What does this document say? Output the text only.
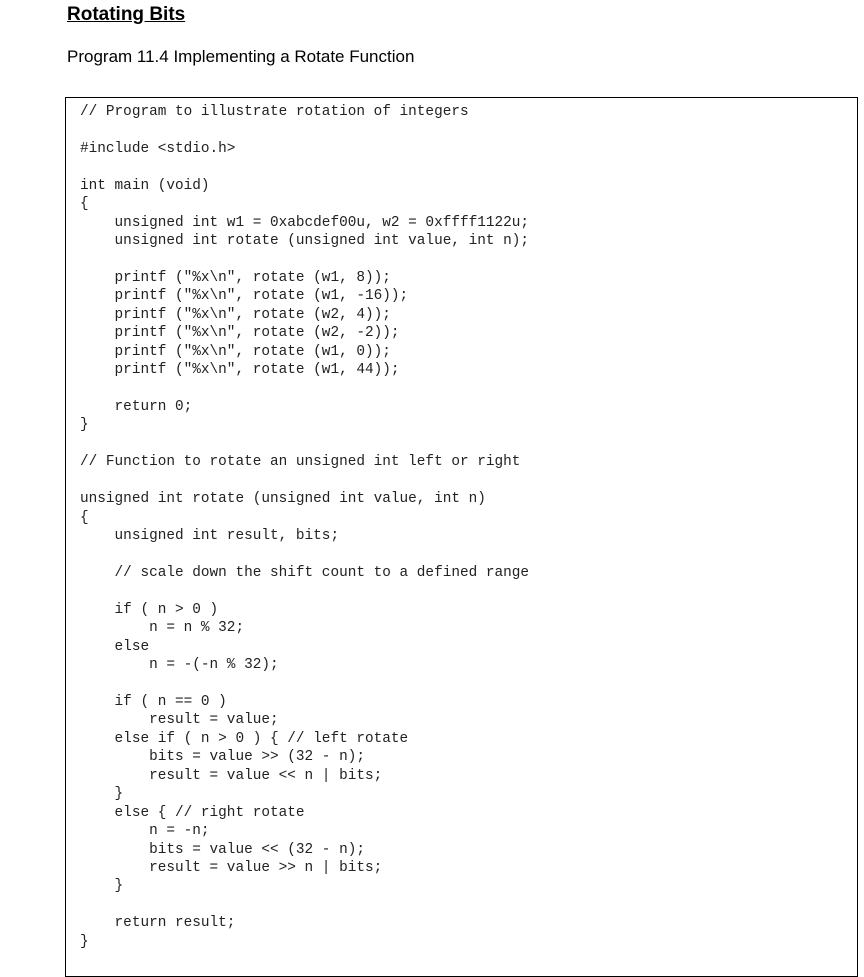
Rotating Bits
Program 11.4 Implementing a Rotate Function
// Program to illustrate rotation of integers
#include <stdio.h>
int main (void)
{
unsigned int w1 = 0xabcdef00u, w2 = 0xffff1122u;
unsigned int rotate (unsigned int value, int n);
printf ("%x\n", rotate (w1, 8));
printf ("%x\n", rotate (w1, -16));
printf ("%x\n", rotate (w2, 4));
printf ("%x\n", rotate (w2, -2));
printf ("%x\n", rotate (w1, 0));
printf ("%x\n", rotate (w1, 44));
return 0;
}
// Function to rotate an unsigned int left or right
unsigned int rotate (unsigned int value, int n)
{
unsigned int result, bits;
// scale down the shift count to a defined range
if ( n > 0 )
n = n % 32;
else
n = -(-n % 32);
if ( n == 0 )
result = value;
else if ( n > 0 ) { // left rotate
bits = value >> (32 - n);
result = value << n | bits;
}
else { // right rotate
n = -n;
bits = value << (32 - n);
result = value >> n | bits;
}
return result;
}
